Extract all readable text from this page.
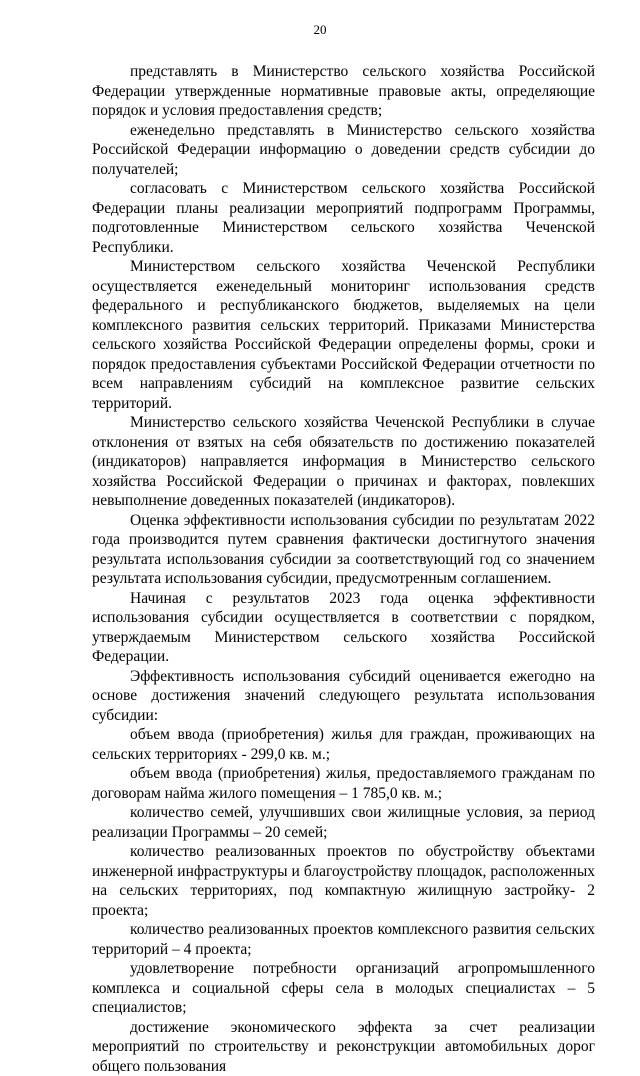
20

представлять в Министерство сельского хозяйства Российской Федерации утвержденные нормативные правовые акты, определяющие порядок и условия предоставления средств;

еженедельно представлять в Министерство сельского хозяйства Российской Федерации информацию о доведении средств субсидии до получателей;

согласовать с Министерством сельского хозяйства Российской Федерации планы реализации мероприятий подпрограмм Программы, подготовленные Министерством сельского хозяйства Чеченской Республики.

Министерством сельского хозяйства Чеченской Республики осуществляется еженедельный мониторинг использования средств федерального и республиканского бюджетов, выделяемых на цели комплексного развития сельских территорий. Приказами Министерства сельского хозяйства Российской Федерации определены формы, сроки и порядок предоставления субъектами Российской Федерации отчетности по всем направлениям субсидий на комплексное развитие сельских территорий.

Министерство сельского хозяйства Чеченской Республики в случае отклонения от взятых на себя обязательств по достижению показателей (индикаторов) направляется информация в Министерство сельского хозяйства Российской Федерации о причинах и факторах, повлекших невыполнение доведенных показателей (индикаторов).

Оценка эффективности использования субсидии по результатам 2022 года производится путем сравнения фактически достигнутого значения результата использования субсидии за соответствующий год со значением результата использования субсидии, предусмотренным соглашением.

Начиная с результатов 2023 года оценка эффективности использования субсидии осуществляется в соответствии с порядком, утверждаемым Министерством сельского хозяйства Российской Федерации.

Эффективность использования субсидий оценивается ежегодно на основе достижения значений следующего результата использования субсидии:

объем ввода (приобретения) жилья для граждан, проживающих на сельских территориях - 299,0 кв. м.;

объем ввода (приобретения) жилья, предоставляемого гражданам по договорам найма жилого помещения – 1 785,0 кв. м.;

количество семей, улучшивших свои жилищные условия, за период реализации Программы – 20 семей;

количество реализованных проектов по обустройству объектами инженерной инфраструктуры и благоустройству площадок, расположенных на сельских территориях, под компактную жилищную застройку- 2 проекта;

количество реализованных проектов комплексного развития сельских территорий – 4 проекта;

удовлетворение потребности организаций агропромышленного комплекса и социальной сферы села в молодых специалистах – 5 специалистов;

достижение экономического эффекта за счет реализации мероприятий по строительству и реконструкции автомобильных дорог общего пользования
